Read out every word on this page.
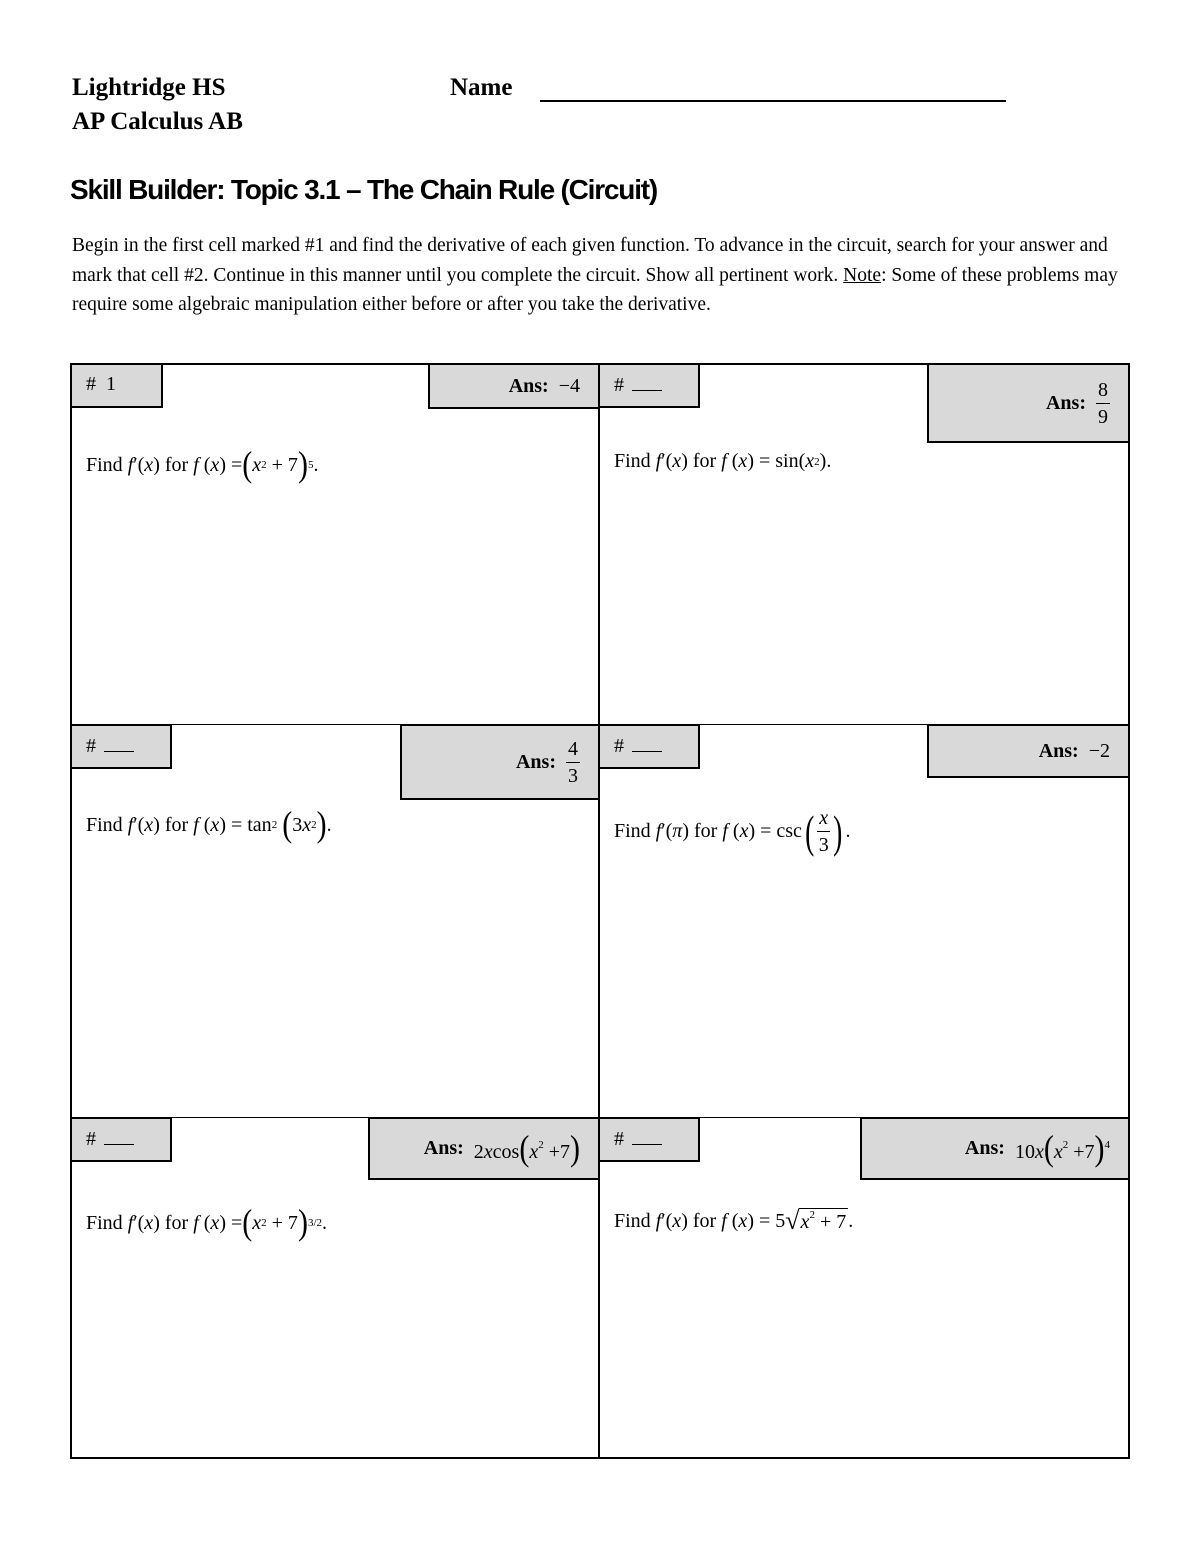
Lightridge HS
AP Calculus AB
Name
Skill Builder: Topic 3.1 – The Chain Rule (Circuit)
Begin in the first cell marked #1 and find the derivative of each given function. To advance in the circuit, search for your answer and mark that cell #2. Continue in this manner until you complete the circuit. Show all pertinent work. Note: Some of these problems may require some algebraic manipulation either before or after you take the derivative.
# 1	Ans: −4
Find
f ′( x ) for
f ( x ) = ( x 2 + 7 ) 5 .
#
Ans: $\frac{8}{9}$
Find
f ′( x ) for
f ( x ) = sin( x 2 ).
#
Ans: $\frac{4}{3}$
Find
f ′( x ) for
f ( x ) = tan 2
( 3 x 2 ) .
#	Ans: −2
Find
f ′( π ) for
f ( x ) = csc ( $\frac{x}{3}$ ) .
#	Ans: $2xcos(x^2 +7)$
Find
f ′( x ) for
f ( x ) = ( x 2 + 7 ) 3/2 .
#	Ans: $10x(x^2 +7)^4$
Find
f ′( x ) for
f ( x ) = 5 √ $x^2 + 7$ .
